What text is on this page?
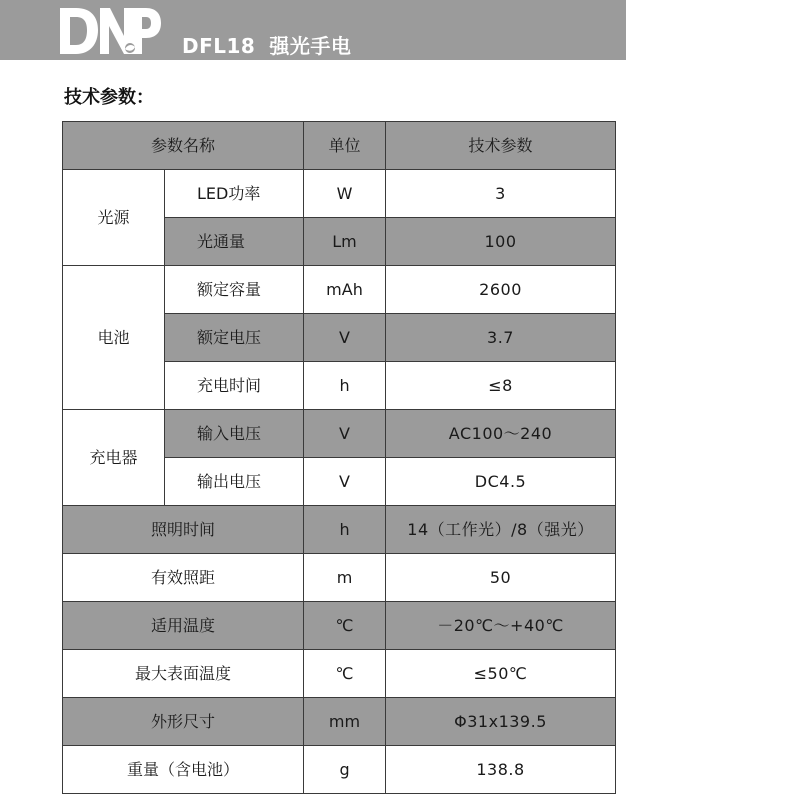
DFL18 强光手电
技术参数：
参数名称		单位	技术参数
光源	LED功率	W	3
	光通量	Lm	100
电池	额定容量	mAh	2600
	额定电压	V	3.7
	充电时间	h	≤8
充电器	输入电压	V	AC100～240
	输出电压	V	DC4.5
照明时间		h	14（工作光）/8（强光）
有效照距		m	50
适用温度		℃	－20℃～+40℃
最大表面温度		℃	≤50℃
外形尺寸		mm	Φ31x139.5
重量（含电池）		g	138.8
